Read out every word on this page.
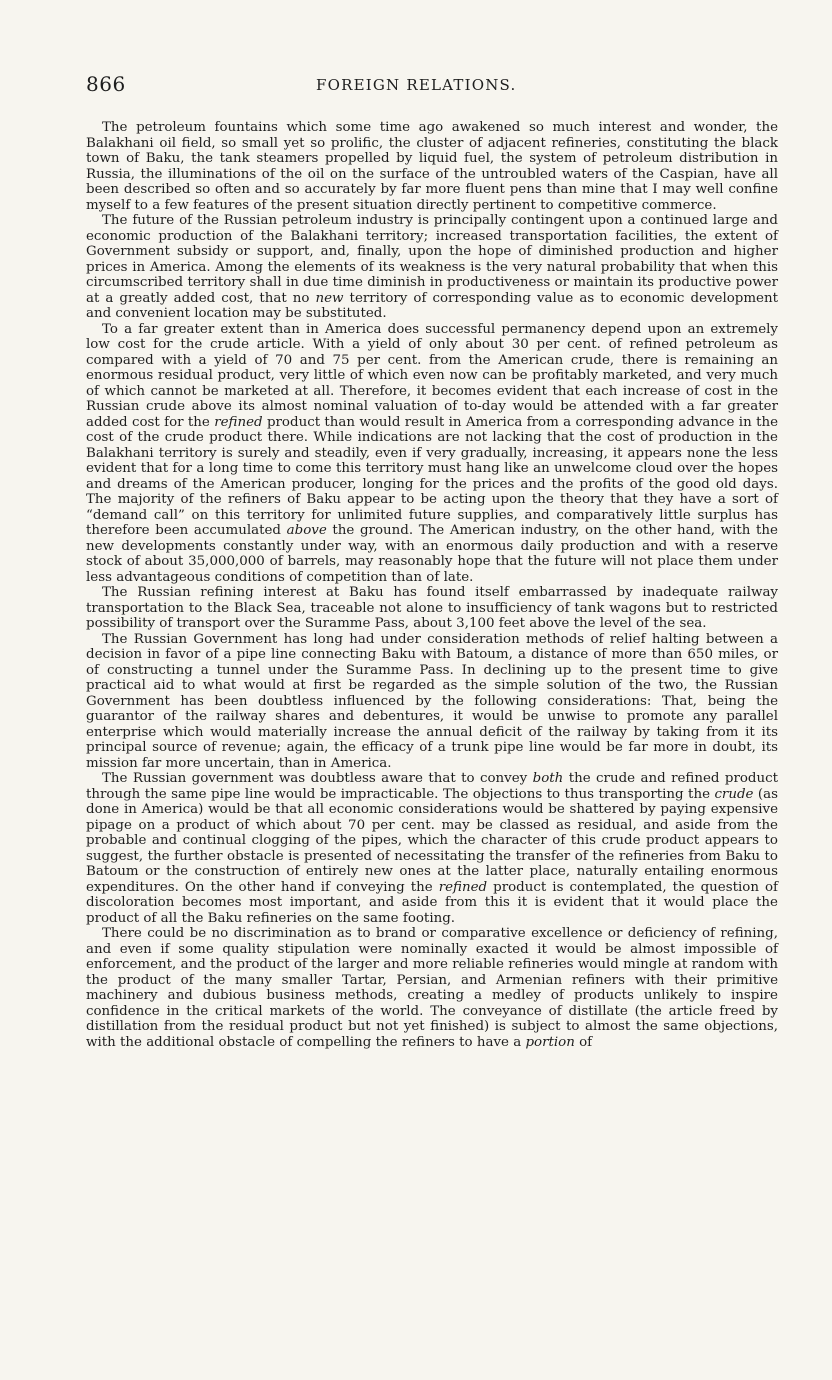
866	FOREIGN RELATIONS.

The petroleum fountains which some time ago awakened so much interest and wonder, the Balakhani oil field, so small yet so prolific, the cluster of adjacent refineries, constituting the black town of Baku, the tank steamers propelled by liquid fuel, the system of petroleum distribution in Russia, the illuminations of the oil on the surface of the untroubled waters of the Caspian, have all been described so often and so accurately by far more fluent pens than mine that I may well confine myself to a few features of the present situation directly pertinent to competitive commerce.

The future of the Russian petroleum industry is principally contingent upon a continued large and economic production of the Balakhani territory; increased transportation facilities, the extent of Government subsidy or support, and, finally, upon the hope of diminished production and higher prices in America. Among the elements of its weakness is the very natural probability that when this circumscribed territory shall in due time diminish in productiveness or maintain its productive power at a greatly added cost, that no new territory of corresponding value as to economic development and convenient location may be substituted.

To a far greater extent than in America does successful permanency depend upon an extremely low cost for the crude article. With a yield of only about 30 per cent. of refined petroleum as compared with a yield of 70 and 75 per cent. from the American crude, there is remaining an enormous residual product, very little of which even now can be profitably marketed, and very much of which cannot be marketed at all. Therefore, it becomes evident that each increase of cost in the Russian crude above its almost nominal valuation of to-day would be attended with a far greater added cost for the refined product than would result in America from a corresponding advance in the cost of the crude product there. While indications are not lacking that the cost of production in the Balakhani territory is surely and steadily, even if very gradually, increasing, it appears none the less evident that for a long time to come this territory must hang like an unwelcome cloud over the hopes and dreams of the American producer, longing for the prices and the profits of the good old days. The majority of the refiners of Baku appear to be acting upon the theory that they have a sort of “demand call” on this territory for unlimited future supplies, and comparatively little surplus has therefore been accumulated above the ground. The American industry, on the other hand, with the new developments constantly under way, with an enormous daily production and with a reserve stock of about 35,000,000 of barrels, may reasonably hope that the future will not place them under less advantageous conditions of competition than of late.

The Russian refining interest at Baku has found itself embarrassed by inadequate railway transportation to the Black Sea, traceable not alone to insufficiency of tank wagons but to restricted possibility of transport over the Suramme Pass, about 3,100 feet above the level of the sea.

The Russian Government has long had under consideration methods of relief halting between a decision in favor of a pipe line connecting Baku with Batoum, a distance of more than 650 miles, or of constructing a tunnel under the Suramme Pass. In declining up to the present time to give practical aid to what would at first be regarded as the simple solution of the two, the Russian Government has been doubtless influenced by the following considerations: That, being the guarantor of the railway shares and debentures, it would be unwise to promote any parallel enterprise which would materially increase the annual deficit of the railway by taking from it its principal source of revenue; again, the efficacy of a trunk pipe line would be far more in doubt, its mission far more uncertain, than in America.

The Russian government was doubtless aware that to convey both the crude and refined product through the same pipe line would be impracticable. The objections to thus transporting the crude (as done in America) would be that all economic considerations would be shattered by paying expensive pipage on a product of which about 70 per cent. may be classed as residual, and aside from the probable and continual clogging of the pipes, which the character of this crude product appears to suggest, the further obstacle is presented of necessitating the transfer of the refineries from Baku to Batoum or the construction of entirely new ones at the latter place, naturally entailing enormous expenditures. On the other hand if conveying the refined product is contemplated, the question of discoloration becomes most important, and aside from this it is evident that it would place the product of all the Baku refineries on the same footing.

There could be no discrimination as to brand or comparative excellence or deficiency of refining, and even if some quality stipulation were nominally exacted it would be almost impossible of enforcement, and the product of the larger and more reliable refineries would mingle at random with the product of the many smaller Tartar, Persian, and Armenian refiners with their primitive machinery and dubious business methods, creating a medley of products unlikely to inspire confidence in the critical markets of the world. The conveyance of distillate (the article freed by distillation from the residual product but not yet finished) is subject to almost the same objections, with the additional obstacle of compelling the refiners to have a portion of
